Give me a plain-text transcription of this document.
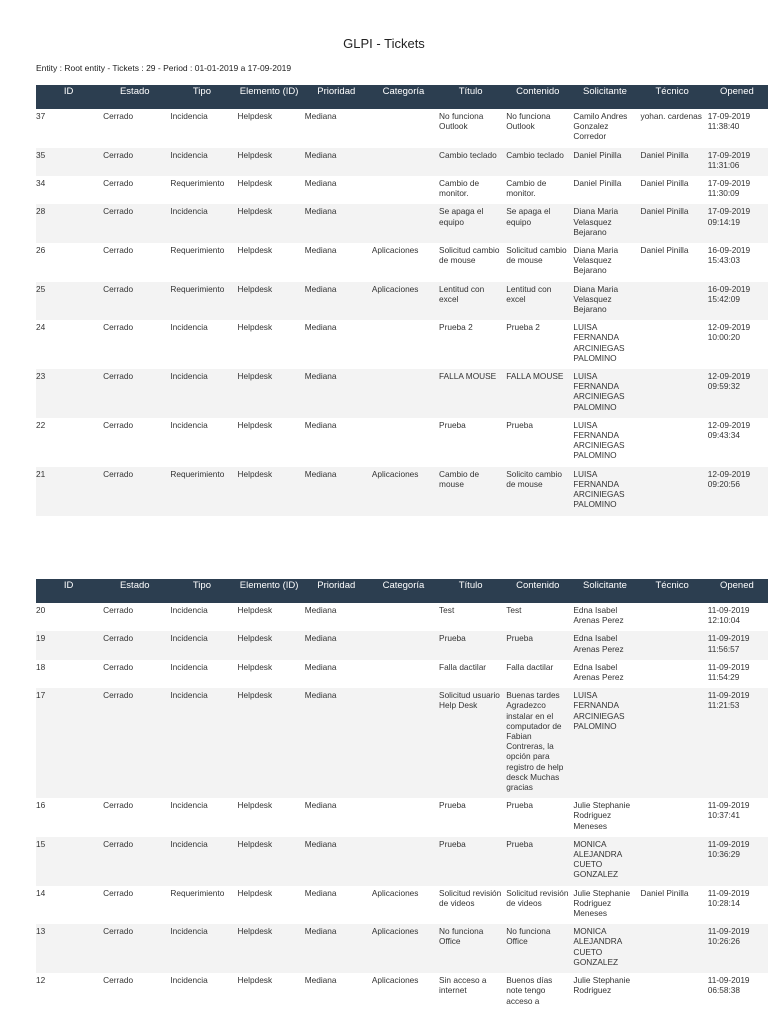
GLPI - Tickets
Entity : Root entity - Tickets : 29 - Period : 01-01-2019 a 17-09-2019
ID	Estado	Tipo	Elemento (ID)	Prioridad	Categoría	Título	Contenido	Solicitante	Técnico	Opened
37	Cerrado	Incidencia	Helpdesk	Mediana		No funciona Outlook	No funciona Outlook	Camilo Andres Gonzalez Corredor	yohan. cardenas	17-09-2019 11:38:40
35	Cerrado	Incidencia	Helpdesk	Mediana		Cambio teclado	Cambio teclado	Daniel Pinilla	Daniel Pinilla	17-09-2019 11:31:06
34	Cerrado	Requerimiento	Helpdesk	Mediana		Cambio de monitor.	Cambio de monitor.	Daniel Pinilla	Daniel Pinilla	17-09-2019 11:30:09
28	Cerrado	Incidencia	Helpdesk	Mediana		Se apaga el equipo	Se apaga el equipo	Diana Maria Velasquez Bejarano	Daniel Pinilla	17-09-2019 09:14:19
26	Cerrado	Requerimiento	Helpdesk	Mediana	Aplicaciones	Solicitud cambio de mouse	Solicitud cambio de mouse	Diana Maria Velasquez Bejarano	Daniel Pinilla	16-09-2019 15:43:03
25	Cerrado	Requerimiento	Helpdesk	Mediana	Aplicaciones	Lentitud con excel	Lentitud con excel	Diana Maria Velasquez Bejarano		16-09-2019 15:42:09
24	Cerrado	Incidencia	Helpdesk	Mediana		Prueba 2	Prueba 2	LUISA FERNANDA ARCINIEGAS PALOMINO		12-09-2019 10:00:20
23	Cerrado	Incidencia	Helpdesk	Mediana		FALLA MOUSE	FALLA MOUSE	LUISA FERNANDA ARCINIEGAS PALOMINO		12-09-2019 09:59:32
22	Cerrado	Incidencia	Helpdesk	Mediana		Prueba	Prueba	LUISA FERNANDA ARCINIEGAS PALOMINO		12-09-2019 09:43:34
21	Cerrado	Requerimiento	Helpdesk	Mediana	Aplicaciones	Cambio de mouse	Solicito cambio de mouse	LUISA FERNANDA ARCINIEGAS PALOMINO		12-09-2019 09:20:56
ID	Estado	Tipo	Elemento (ID)	Prioridad	Categoría	Título	Contenido	Solicitante	Técnico	Opened
20	Cerrado	Incidencia	Helpdesk	Mediana		Test	Test	Edna Isabel Arenas Perez		11-09-2019 12:10:04
19	Cerrado	Incidencia	Helpdesk	Mediana		Prueba	Prueba	Edna Isabel Arenas Perez		11-09-2019 11:56:57
18	Cerrado	Incidencia	Helpdesk	Mediana		Falla dactilar	Falla dactilar	Edna Isabel Arenas Perez		11-09-2019 11:54:29
17	Cerrado	Incidencia	Helpdesk	Mediana		Solicitud usuario Help Desk	Buenas tardes Agradezco instalar en el computador de Fabian Contreras, la opción para registro de help desck Muchas gracias	LUISA FERNANDA ARCINIEGAS PALOMINO		11-09-2019 11:21:53
16	Cerrado	Incidencia	Helpdesk	Mediana		Prueba	Prueba	Julie Stephanie Rodriguez Meneses		11-09-2019 10:37:41
15	Cerrado	Incidencia	Helpdesk	Mediana		Prueba	Prueba	MONICA ALEJANDRA CUETO GONZALEZ		11-09-2019 10:36:29
14	Cerrado	Requerimiento	Helpdesk	Mediana	Aplicaciones	Solicitud revisión de videos	Solicitud revisión de videos	Julie Stephanie Rodriguez Meneses	Daniel Pinilla	11-09-2019 10:28:14
13	Cerrado	Incidencia	Helpdesk	Mediana	Aplicaciones	No funciona Office	No funciona Office	MONICA ALEJANDRA CUETO GONZALEZ		11-09-2019 10:26:26
12	Cerrado	Incidencia	Helpdesk	Mediana	Aplicaciones	Sin acceso a internet	Buenos días note tengo acceso a	Julie Stephanie Rodriguez		11-09-2019 06:58:38
